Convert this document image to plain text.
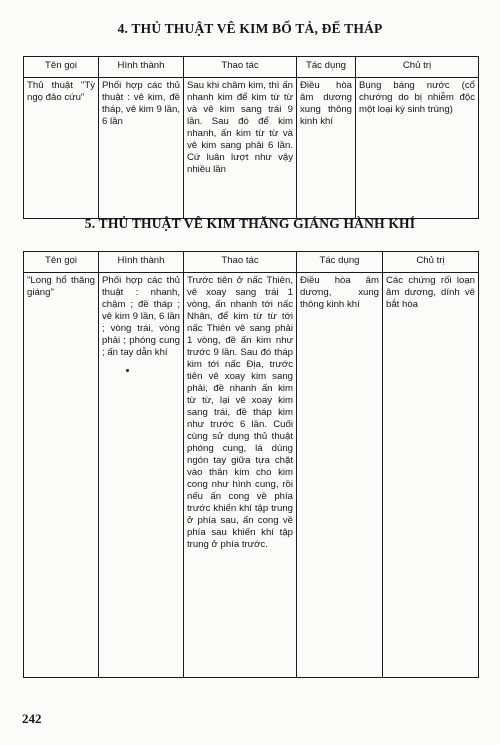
4. THỦ THUẬT VÊ KIM BỔ TẢ, ĐẾ THÁP
Tên gọi	Hình thành	Thao tác	Tác dụng	Chủ trị
Thủ thuật "Tỳ ngọ đảo cứu"	Phối hợp các thủ thuật : vê kim, đề tháp, vê kim 9 lần, 6 lần	Sau khi châm kim, thì ấn nhanh kim để kim từ từ và vê kim sang trái 9 lần. Sau đó để kim nhanh, ấn kim từ từ và vê kim sang phải 6 lần. Cứ luân lượt như vậy nhiều lần	Điều hòa âm dương xung thông kinh khí	Bụng báng nước (cổ chướng do bị nhiễm độc một loại ký sinh trùng)
5. THỦ THUẬT VÊ KIM THĂNG GIÁNG HÀNH KHÍ
Tên gọi	Hình thành	Thao tác	Tác dụng	Chủ trị
"Long hổ thăng giáng"	Phối hợp các thủ thuật : nhanh, chậm ; đề tháp ; vê kim 9 lần, 6 lần ; vòng trái, vòng phải ; phóng cung ; ấn tay dẫn khí	Trước tiên ở nấc Thiên, vê xoay sang trái 1 vòng, ấn nhanh tới nấc Nhân, để kim từ từ tới nấc Thiên vê sang phải 1 vòng, đề ấn kim như trước 9 lần. Sau đó tháp kim tới nấc Địa, trước tiên vê xoay kim sang phải, đề nhanh ấn kim từ từ, lại vê xoay kim sang trái, đề tháp kim như trước 6 lần. Cuối cùng sử dụng thủ thuật phóng cung, lá dùng ngón tay giữa tựa chặt vào thân kim cho kim cong như hình cung, rồi nếu ấn cong về phía trước khiến khí tập trung ở phía sau, ấn cong về phía sau khiến khí tập trung ở phía trước.	Điều hòa âm dương, xung thông kinh khí	Các chứng rối loạn âm dương, dính vê bắt hòa
242
